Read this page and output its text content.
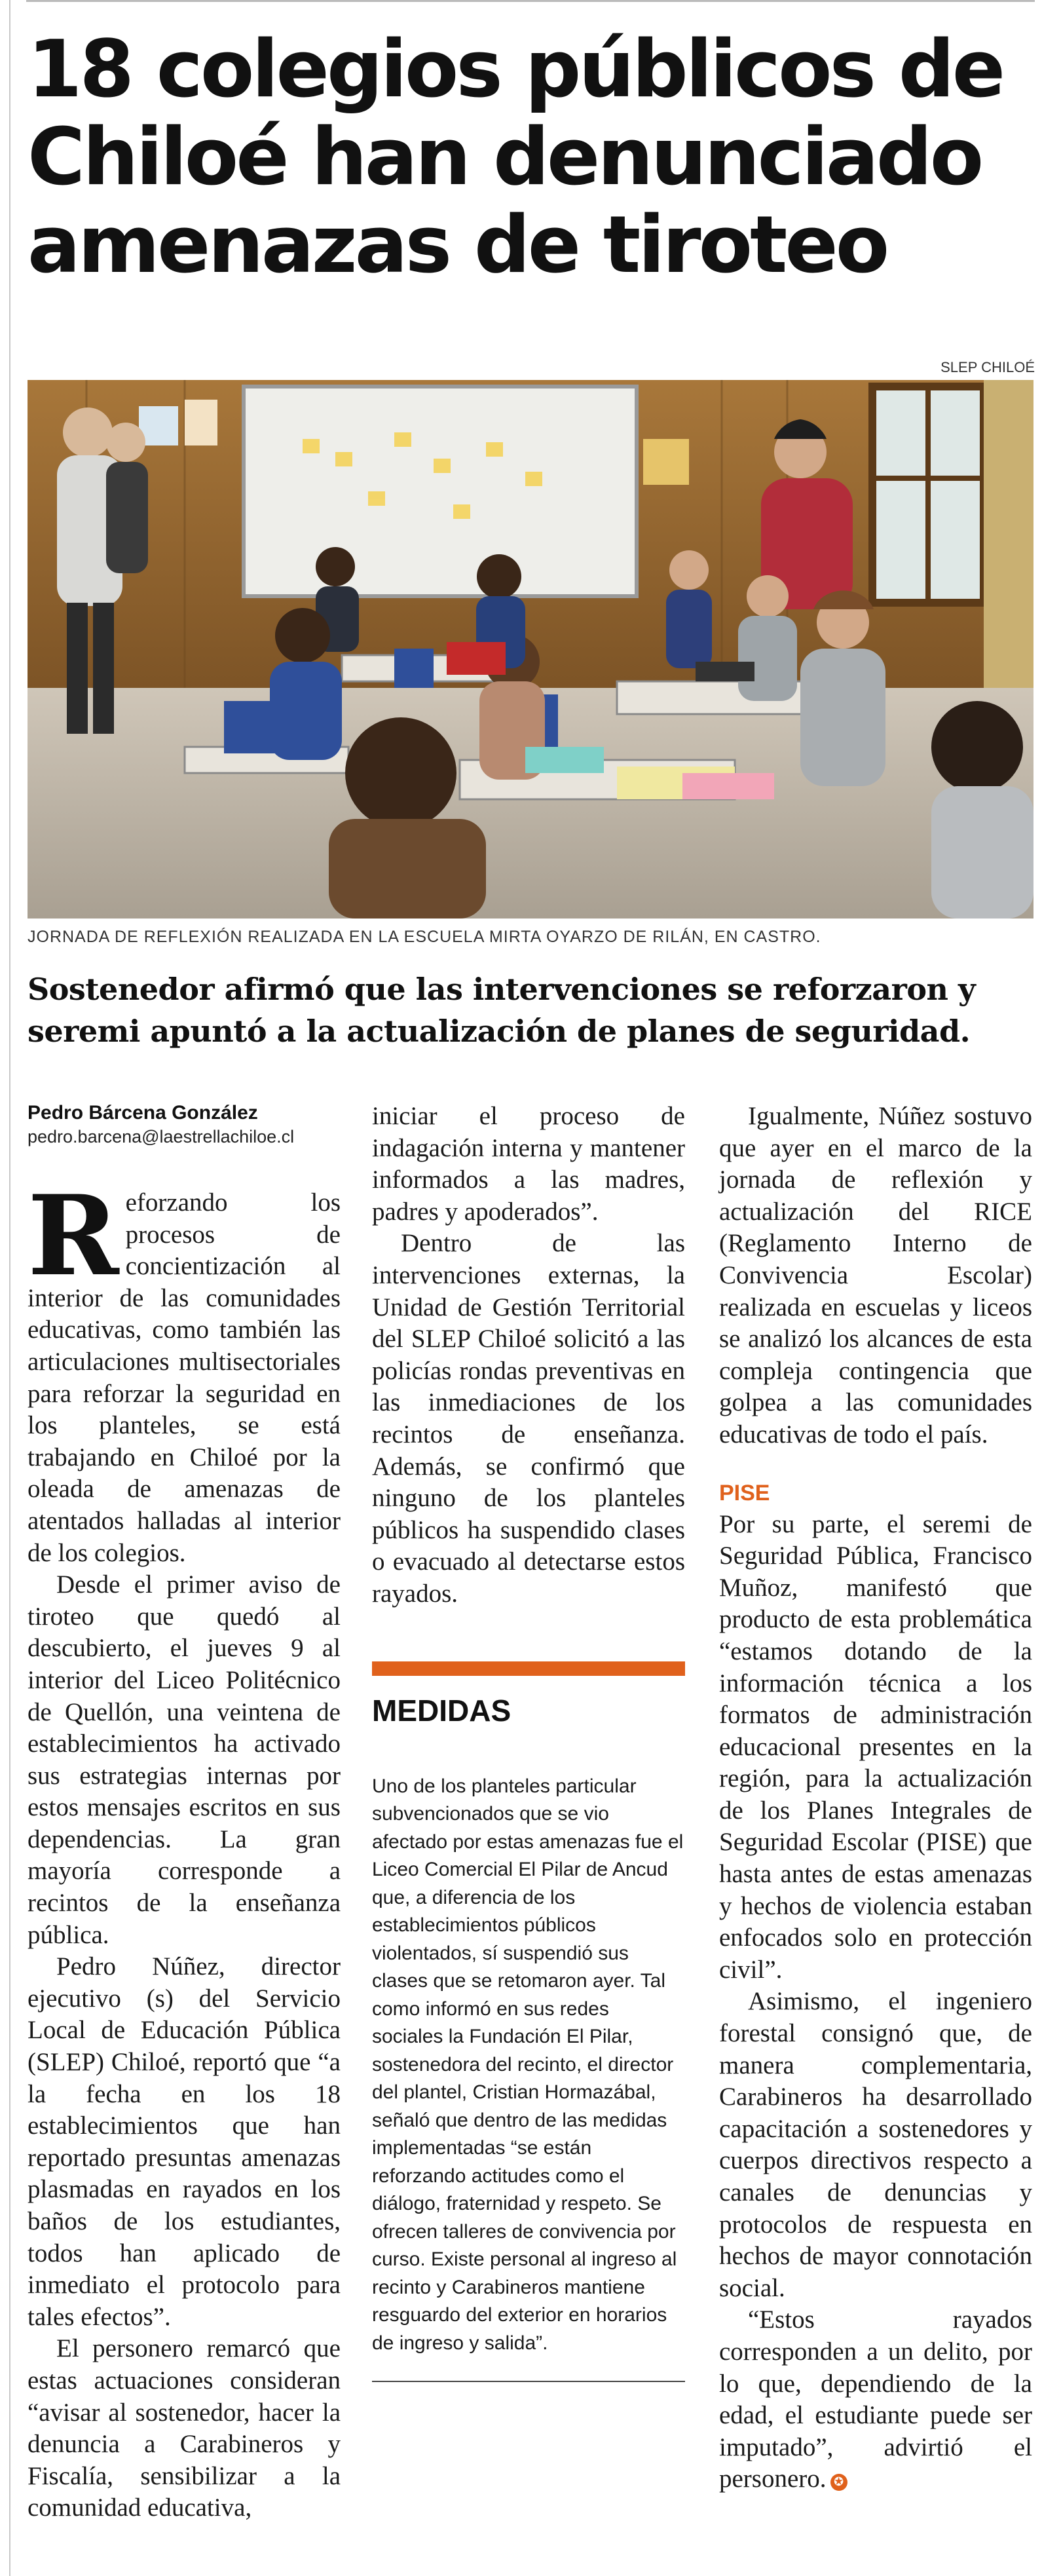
18 colegios públicos de Chiloé han denunciado amenazas de tiroteo
SLEP CHILOÉ
JORNADA DE REFLEXIÓN REALIZADA EN LA ESCUELA MIRTA OYARZO DE RILÁN, EN CASTRO.
Sostenedor afirmó que las intervenciones se reforzaron y seremi apuntó a la actualización de planes de seguridad.
Pedro Bárcena González
pedro.barcena@laestrellachiloe.cl

Reforzando los procesos de concientización al interior de las comunidades educativas, como también las articulaciones multisectoriales para reforzar la seguridad en los planteles, se está trabajando en Chiloé por la oleada de amenazas de atentados halladas al interior de los colegios.

Desde el primer aviso de tiroteo que quedó al descubierto, el jueves 9 al interior del Liceo Politécnico de Quellón, una veintena de establecimientos ha activado sus estrategias internas por estos mensajes escritos en sus dependencias. La gran mayoría corresponde a recintos de la enseñanza pública.

Pedro Núñez, director ejecutivo (s) del Servicio Local de Educación Pública (SLEP) Chiloé, reportó que “a la fecha en los 18 establecimientos que han reportado presuntas amenazas plasmadas en rayados en los baños de los estudiantes, todos han aplicado de inmediato el protocolo para tales efectos”.

El personero remarcó que estas actuaciones consideran “avisar al sostenedor, hacer la denuncia a Carabineros y Fiscalía, sensibilizar a la comunidad educativa,

iniciar el proceso de indagación interna y mantener informados a las madres, padres y apoderados”.

Dentro de las intervenciones externas, la Unidad de Gestión Territorial del SLEP Chiloé solicitó a las policías rondas preventivas en las inmediaciones de los recintos de enseñanza. Además, se confirmó que ninguno de los planteles públicos ha suspendido clases o evacuado al detectarse estos rayados.

MEDIDAS
Uno de los planteles particular subvencionados que se vio afectado por estas amenazas fue el Liceo Comercial El Pilar de Ancud que, a diferencia de los establecimientos públicos violentados, sí suspendió sus clases que se retomaron ayer. Tal como informó en sus redes sociales la Fundación El Pilar, sostenedora del recinto, el director del plantel, Cristian Hormazábal, señaló que dentro de las medidas implementadas “se están reforzando actitudes como el diálogo, fraternidad y respeto. Se ofrecen talleres de convivencia por curso. Existe personal al ingreso al recinto y Carabineros mantiene resguardo del exterior en horarios de ingreso y salida”.

Igualmente, Núñez sostuvo que ayer en el marco de la jornada de reflexión y actualización del RICE (Reglamento Interno de Convivencia Escolar) realizada en escuelas y liceos se analizó los alcances de esta compleja contingencia que golpea a las comunidades educativas de todo el país.

PISE

Por su parte, el seremi de Seguridad Pública, Francisco Muñoz, manifestó que producto de esta problemática “estamos dotando de la información técnica a los formatos de administración educacional presentes en la región, para la actualización de los Planes Integrales de Seguridad Escolar (PISE) que hasta antes de estas amenazas y hechos de violencia estaban enfocados solo en protección civil”.

Asimismo, el ingeniero forestal consignó que, de manera complementaria, Carabineros ha desarrollado capacitación a sostenedores y cuerpos directivos respecto a canales de denuncias y protocolos de respuesta en hechos de mayor connotación social.

“Estos rayados corresponden a un delito, por lo que, dependiendo de la edad, el estudiante puede ser imputado”, advirtió el personero. ✪
